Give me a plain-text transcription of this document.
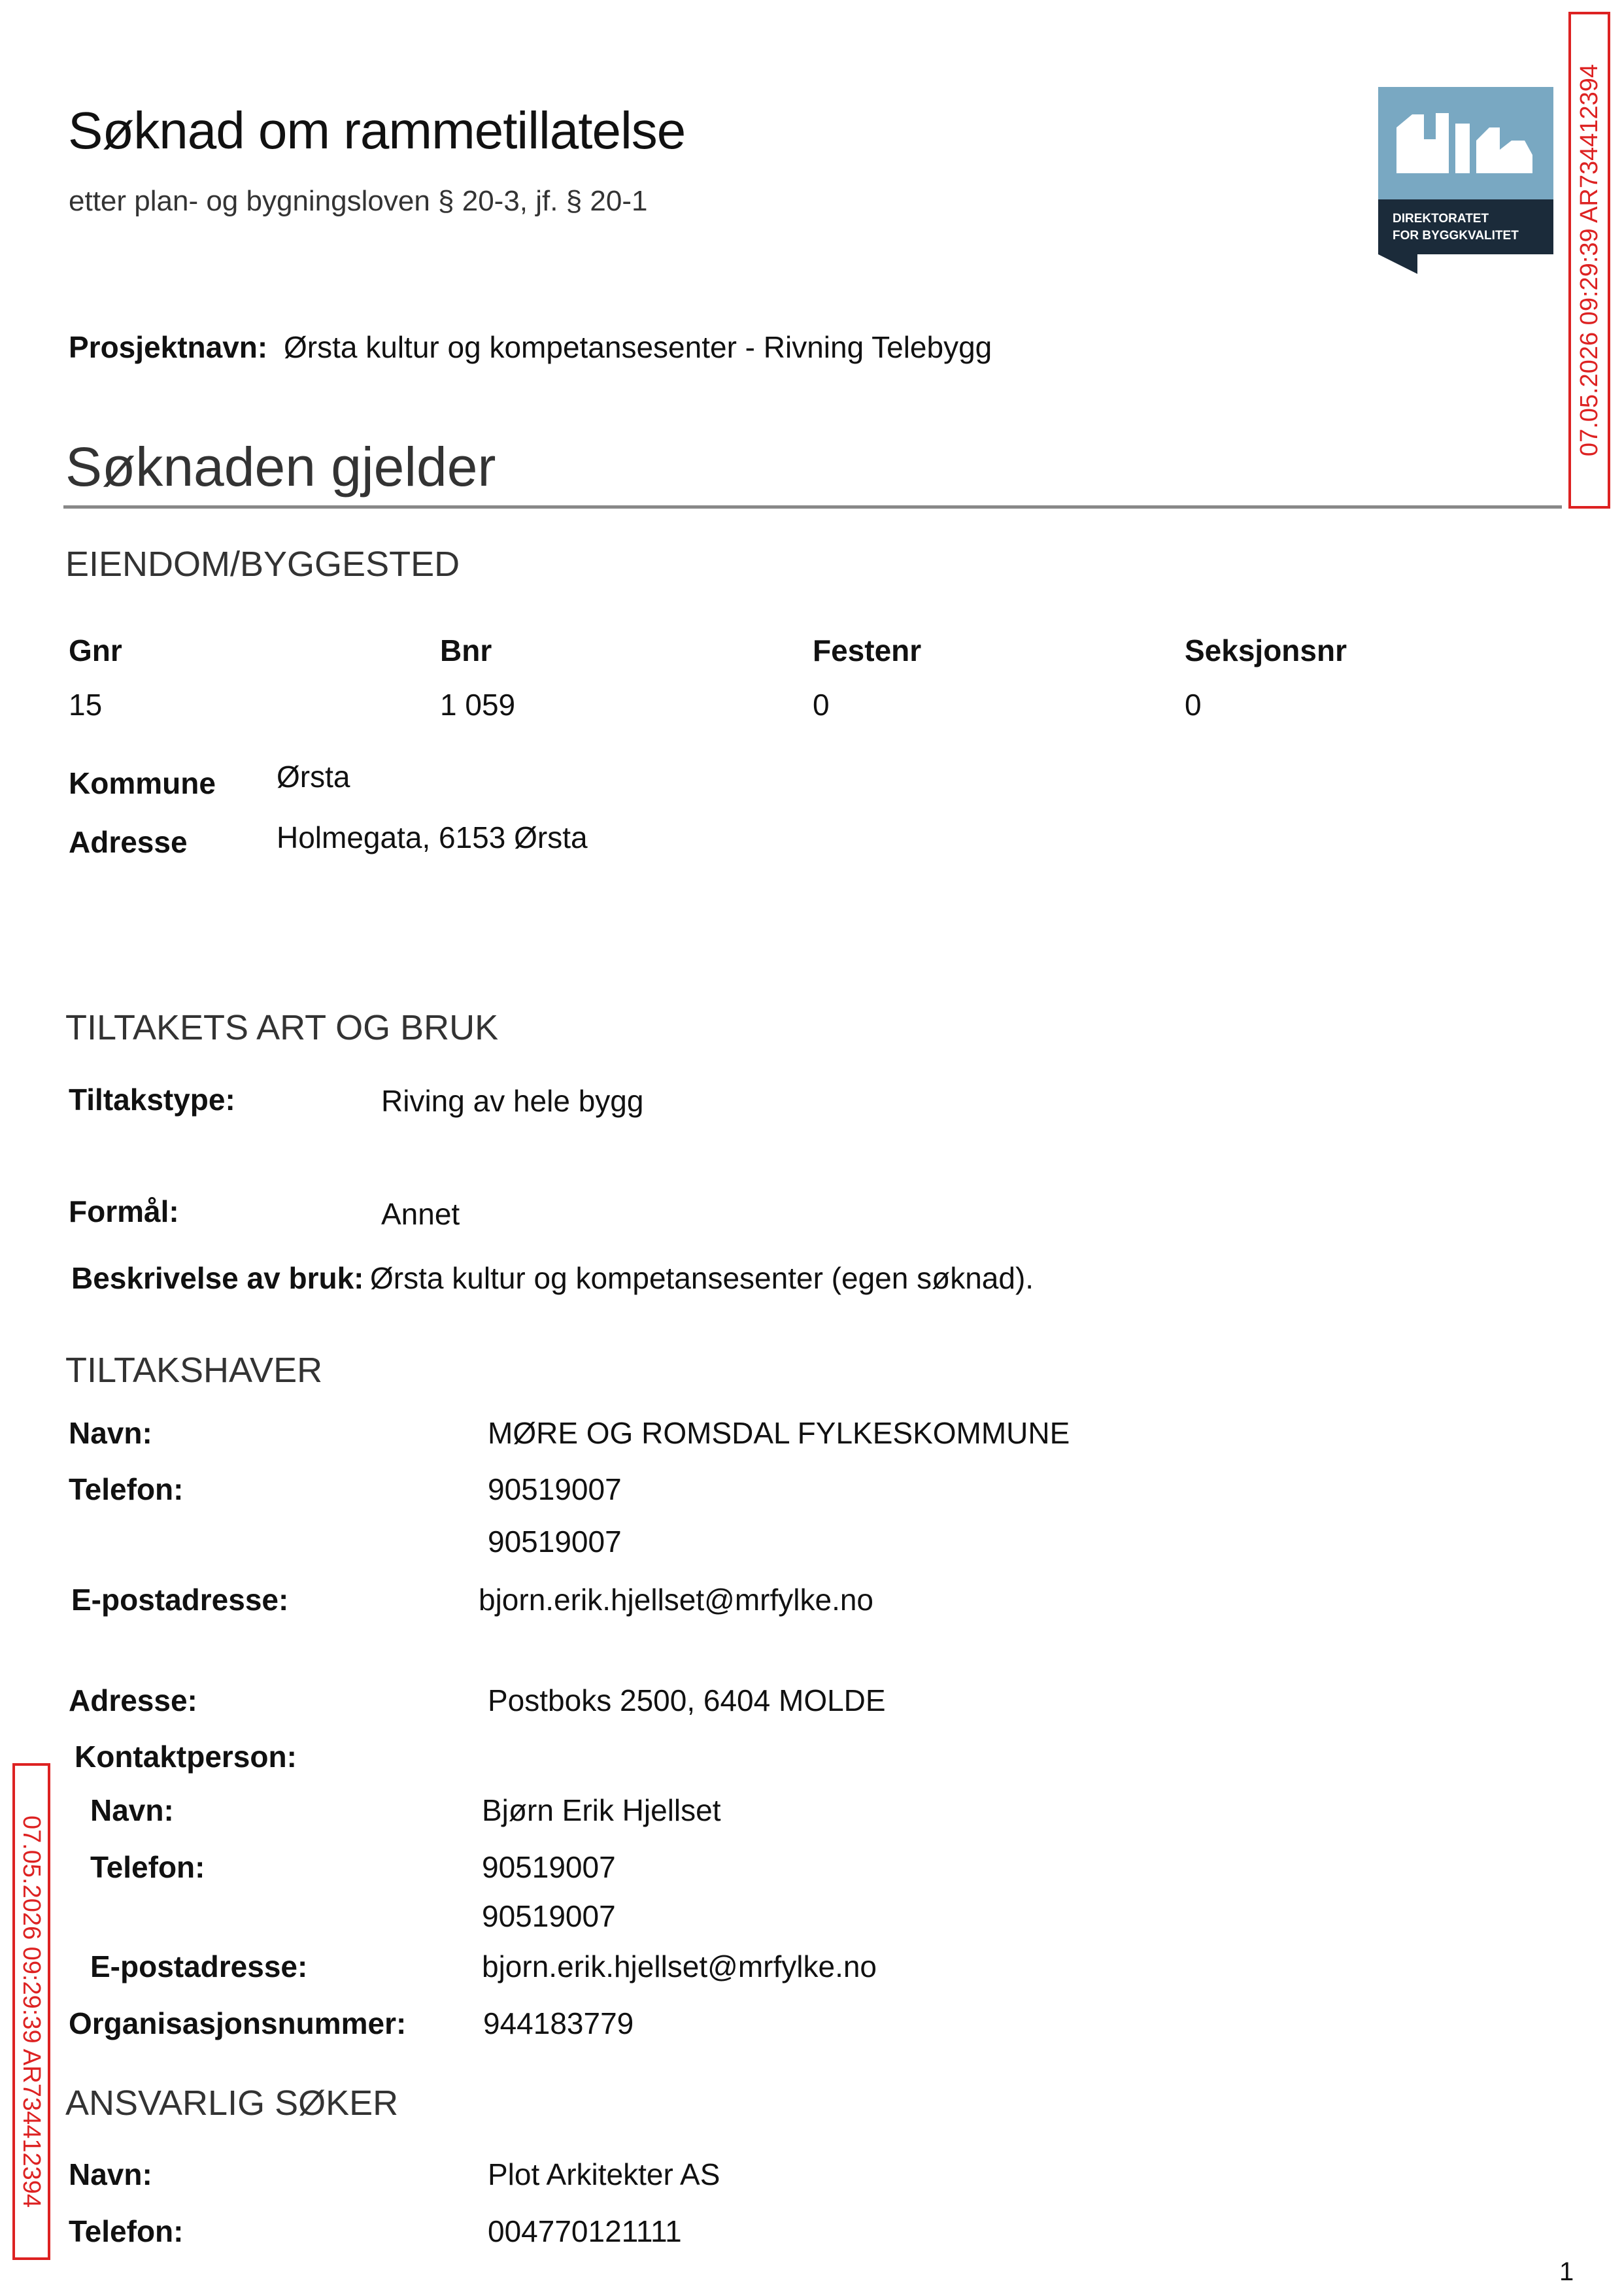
Søknad om rammetillatelse
etter plan- og bygningsloven § 20-3, jf. § 20-1
Prosjektnavn: Ørsta kultur og kompetansesenter - Rivning Telebygg
DIREKTORATET
FOR BYGGKVALITET 07.05.2026 09:29:39 AR734412394
07.05.2026 09:29:39 AR734412394
Søknaden gjelder
EIENDOM/BYGGESTED
Gnr	Bnr	Festenr	Seksjonsnr
15	1 059	0	0
Kommune Ørsta
Adresse	Holmegata, 6153 Ørsta
TILTAKETS ART OG BRUK
Tiltakstype:	Riving av hele bygg
Formål:	Annet
Beskrivelse av bruk: Ørsta kultur og kompetansesenter (egen søknad).
TILTAKSHAVER
Navn:	MØRE OG ROMSDAL FYLKESKOMMUNE
Telefon:	90519007
90519007
E-postadresse:	bjorn.erik.hjellset@mrfylke.no
Adresse:	Postboks 2500, 6404 MOLDE
Kontaktperson:
Navn:	Bjørn Erik Hjellset
Telefon:	90519007
90519007
E-postadresse:	bjorn.erik.hjellset@mrfylke.no
Organisasjonsnummer:	944183779
ANSVARLIG SØKER
Navn:	Plot Arkitekter AS
Telefon:	004770121111
1
